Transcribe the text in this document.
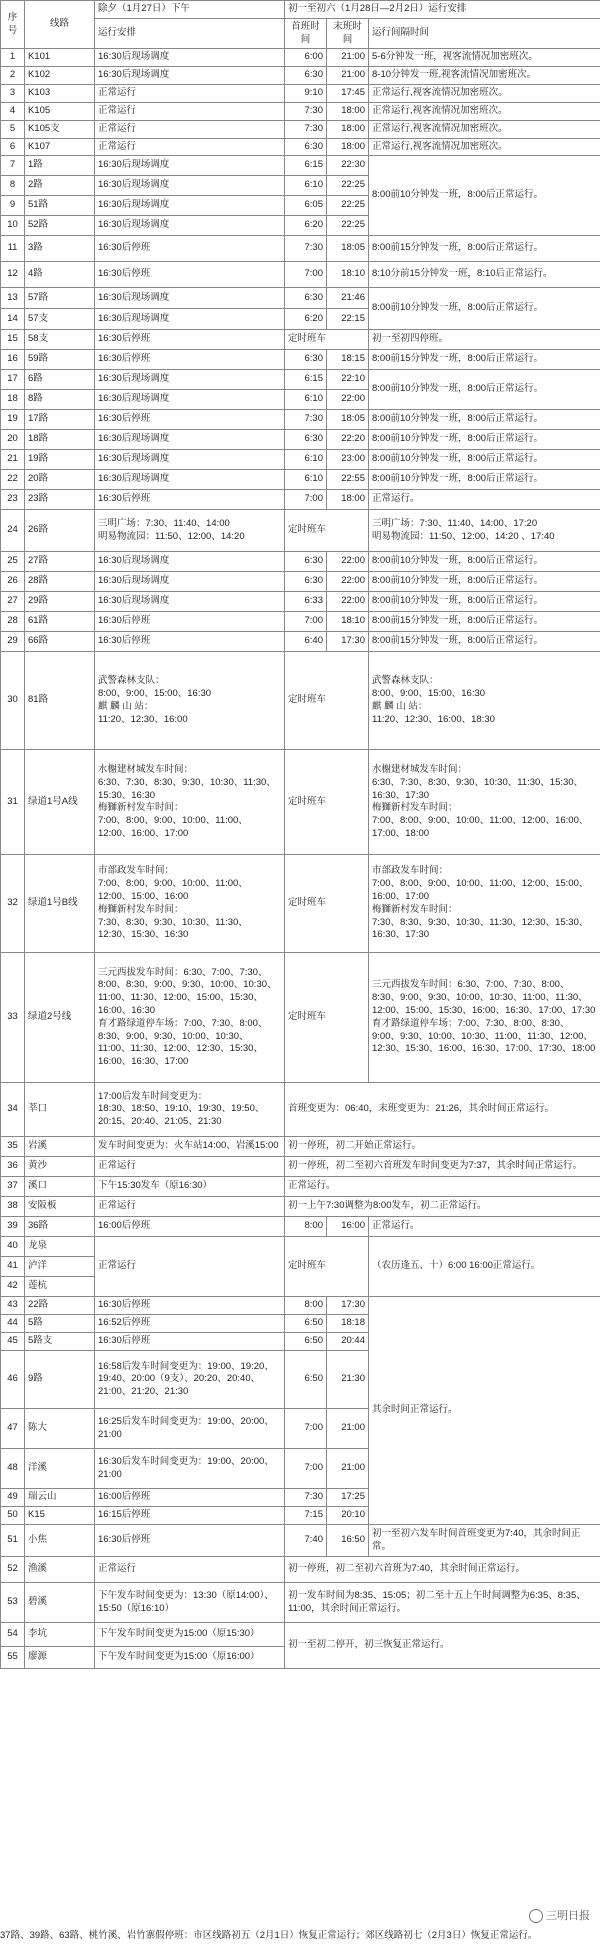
序号	线路	除夕（1月27日）下午	初一至初六（1月28日—2月2日）运行安排		
		运行安排	首班时间	末班时间	运行间隔时间
1	K101	16:30后现场调度	6:00	21:00	5-6分钟发一班，视客流情况加密班次。
2	K102	16:30后现场调度	6:30	21:00	8-10分钟发一班,视客流情况加密班次。
3	K103	正常运行	9:10	17:45	正常运行,视客流情况加密班次。
4	K105	正常运行	7:30	18:00	正常运行,视客流情况加密班次。
5	K105支	正常运行	7:30	18:00	正常运行,视客流情况加密班次。
6	K107	正常运行	6:30	18:00	正常运行,视客流情况加密班次。
7	1路	16:30后现场调度	6:15	22:30	8:00前10分钟发一班，8:00后正常运行。
8	2路	16:30后现场调度	6:10	22:25	
9	51路	16:30后现场调度	6:05	22:25	
10	52路	16:30后现场调度	6:20	22:25	
11	3路	16:30后停班	7:30	18:05	8:00前15分钟发一班，8:00后正常运行。
12	4路	16:30后停班	7:00	18:10	8:10分前15分钟发一班，8:10后正常运行。
13	57路	16:30后现场调度	6:30	21:46	8:00前10分钟发一班，8:00后正常运行。
14	57支	16:30后现场调度	6:20	22:15	
15	58支	16:30后停班	定时班车		初一至初四停班。
16	59路	16:30后停班	6:30	18:15	8:00前15分钟发一班，8:00后正常运行。
17	6路	16:30后现场调度	6:15	22:10	8:00前10分钟发一班，8:00后正常运行。
18	8路	16:30后现场调度	6:10	22:00	
19	17路	16:30后停班	7:30	18:05	8:00前10分钟发一班，8:00后正常运行。
20	18路	16:30后现场调度	6:30	22:20	8:00前10分钟发一班，8:00后正常运行。
21	19路	16:30后现场调度	6:10	23:00	8:00前10分钟发一班，8:00后正常运行。
22	20路	16:30后现场调度	6:10	22:55	8:00前10分钟发一班，8:00后正常运行。
23	23路	16:30后停班	7:00	18:00	正常运行。
24	26路	三明广场：7:30、11:40、14:00
明易物流园：11:50、12:00、14:20	定时班车		三明广场：7:30、11:40、14:00、17:20
明易物流园：11:50、12:00、14:20 、17:40
25	27路	16:30后现场调度	6:30	22:00	8:00前10分钟发一班，8:00后正常运行。
26	28路	16:30后现场调度	6:30	22:00	8:00前10分钟发一班，8:00后正常运行。
27	29路	16:30后现场调度	6:33	22:00	8:00前10分钟发一班，8:00后正常运行。
28	61路	16:30后停班	7:00	18:10	8:00前15分钟发一班，8:00后正常运行。
29	66路	16:30后停班	6:40	17:30	8:00前15分钟发一班，8:00后正常运行。
30	81路	武警森林支队：
8:00、9:00、15:00、16:30
麒 麟 山 站：
11:20、12:30、16:00	定时班车		武警森林支队：
8:00、9:00、15:00、16:30
麒 麟 山 站：
11:20、12:30、16:00、18:30
31	绿道1号A线	水榭建材城发车时间：
6:30、7:30、8:30、9:30、10:30、11:30、15:30、16:30
梅獅新村发车时间：
7:00、8:00、9:00、10:00、11:00、12:00、16:00、17:00	定时班车		水榭建材城发车时间：
6:30、7:30、8:30、9:30、10:30、11:30、15:30、16:30、17:30
梅獅新村发车时间：
7:00、8:00、9:00、10:00、11:00、12:00、16:00、17:00、18:00
32	绿道1号B线	市部政发车时间：
7:00、8:00、9:00、10:00、11:00、12:00、15:00、16:00
梅獅新村发车时间：
7:30、8:30、9:30、10:30、11:30、12:30、15:30、16:30	定时班车		市部政发车时间：
7:00、8:00、9:00、10:00、11:00、12:00、15:00、16:00、17:00
梅獅新村发车时间：
7:30、8:30、9:30、10:30、11:30、12:30、15:30、16:30、17:30
33	绿道2号线	三元西拔发车时间：6:30、7:00、7:30、8:00、8:30、9:00、9:30、10:00、10:30、11:00、11:30、12:00、15:00、15:30、16:00、16:30
育才路绿道停车场：7:00、7:30、8:00、8:30、9:00、9:30、10:00、10:30、11:00、11:30、12:00、12:30、15:30、16:00、16:30、17:00	定时班车		三元西拔发车时间：6:30、7:00、7:30、8:00、8:30、9:00、9:30、10:00、10:30、11:00、11:30、12:00、15:00、15:30、16:00、16:30、17:00、17:30
育才路绿道停车场：7:00、7:30、8:00、8:30、9:00、9:30、10:00、10:30、11:00、11:30、12:00、12:30、15:30、16:00、16:30、17:00、17:30、18:00
34	莘口	17:00后发车时间变更为：
18:30、18:50、19:10、19:30、19:50、20:15、20:40、21:05、21:30	首班变更为：06:40，末班变更为：21:26，其余时间正常运行。		
35	岩溪	发车时间变更为：火车站14:00、岩溪15:00	初一停班，初二开始正常运行。		
36	黄沙	正常运行	初一停班，初二至初六首班发车时间变更为7:37，其余时间正常运行。		
37	溪口	下午15:30发车（原16:30）	正常运行。		
38	安阪板	正常运行	初一上午7:30调整为8:00发车，初二正常运行。		
39	36路	16:00后停班	8:00	16:00	正常运行。
40	龙泉	正常运行	定时班车		（农历逢五、十）6:00 16:00正常运行。
41	泸洋				
42	莲杭				
43	22路	16:30后停班	8:00	17:30	其余时间正常运行。
44	5路	16:52后停班	6:50	18:18	
45	5路支	16:30后停班	6:50	20:44	
46	9路	16:58后发车时间变更为：19:00、19:20、19:40、20:00（9支）、20:20、20:40、21:00、21:20、21:30	6:50	21:30	
47	陈大	16:25后发车时间变更为：19:00、20:00、21:00	7:00	21:00	
48	洋溪	16:30后发车时间变更为：19:00、20:00、21:00	7:00	21:00	
49	瑞云山	16:00后停班	7:30	17:25	
50	K15	16:15后停班	7:15	20:10	
51	小焦	16:30后停班	7:40	16:50	初一至初六发车时间首班变更为7:40，其余时间正常。
52	渔溪	正常运行	初一停班，初二至初六首班为7:40，其余时间正常运行。		
53	碧溪	下午发车时间变更为：13:30（原14:00）、15:50（原16:10）	初一发车时间为8:35、15:05；初二至十五上午时间调整为6:35、8:35、11:00，其余时间正常运行。		
54	李坑	下午发车时间变更为15:00（原15:30）	初一至初二停开，初三恢复正常运行。		
55	廖源	下午发车时间变更为15:00（原16:00）			
三明日报
37路、39路、63路、桃竹溪、岩竹寨假停班：市区线路初五（2月1日）恢复正常运行；郊区线路初七（2月3日）恢复正常运行。
